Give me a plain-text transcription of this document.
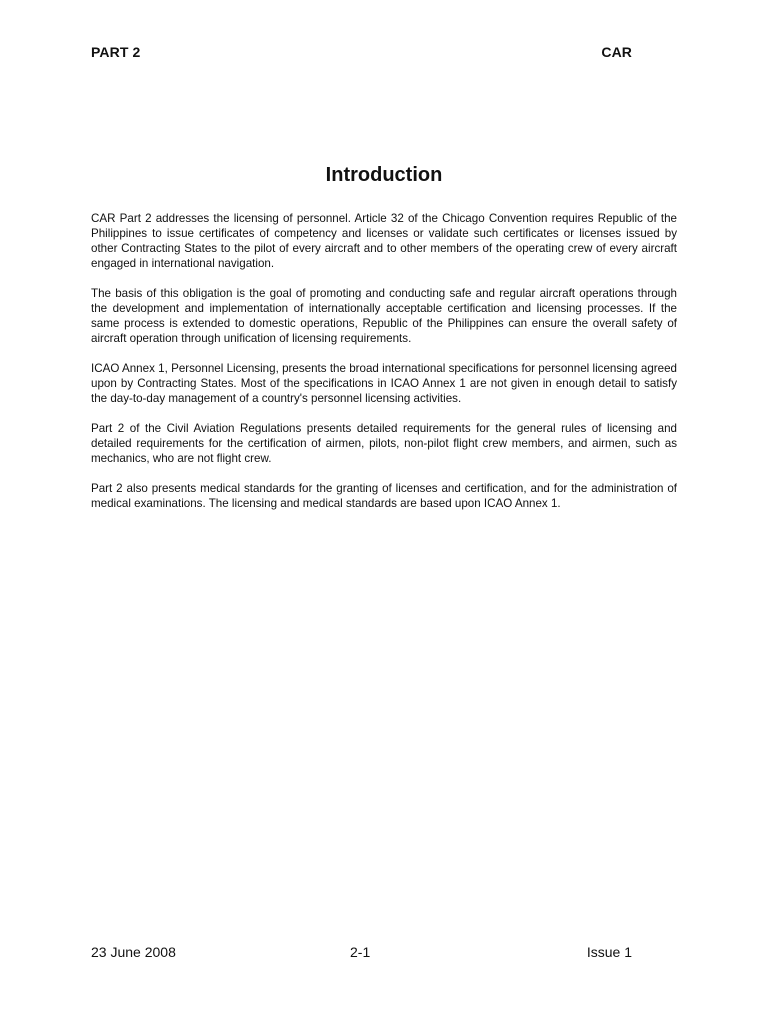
PART 2	CAR
Introduction

CAR Part 2 addresses the licensing of personnel. Article 32 of the Chicago Convention requires Republic of the Philippines to issue certificates of competency and licenses or validate such certificates or licenses issued by other Contracting States to the pilot of every aircraft and to other members of the operating crew of every aircraft engaged in international navigation.

The basis of this obligation is the goal of promoting and conducting safe and regular aircraft operations through the development and implementation of internationally acceptable certification and licensing processes. If the same process is extended to domestic operations, Republic of the Philippines can ensure the overall safety of aircraft operation through unification of licensing requirements.

ICAO Annex 1, Personnel Licensing, presents the broad international specifications for personnel licensing agreed upon by Contracting States. Most of the specifications in ICAO Annex 1 are not given in enough detail to satisfy the day-to-day management of a country's personnel licensing activities.

Part 2 of the Civil Aviation Regulations presents detailed requirements for the general rules of licensing and detailed requirements for the certification of airmen, pilots, non-pilot flight crew members, and airmen, such as mechanics, who are not flight crew.

Part 2 also presents medical standards for the granting of licenses and certification, and for the administration of medical examinations. The licensing and medical standards are based upon ICAO Annex 1.

23 June 2008	2-1	Issue 1
